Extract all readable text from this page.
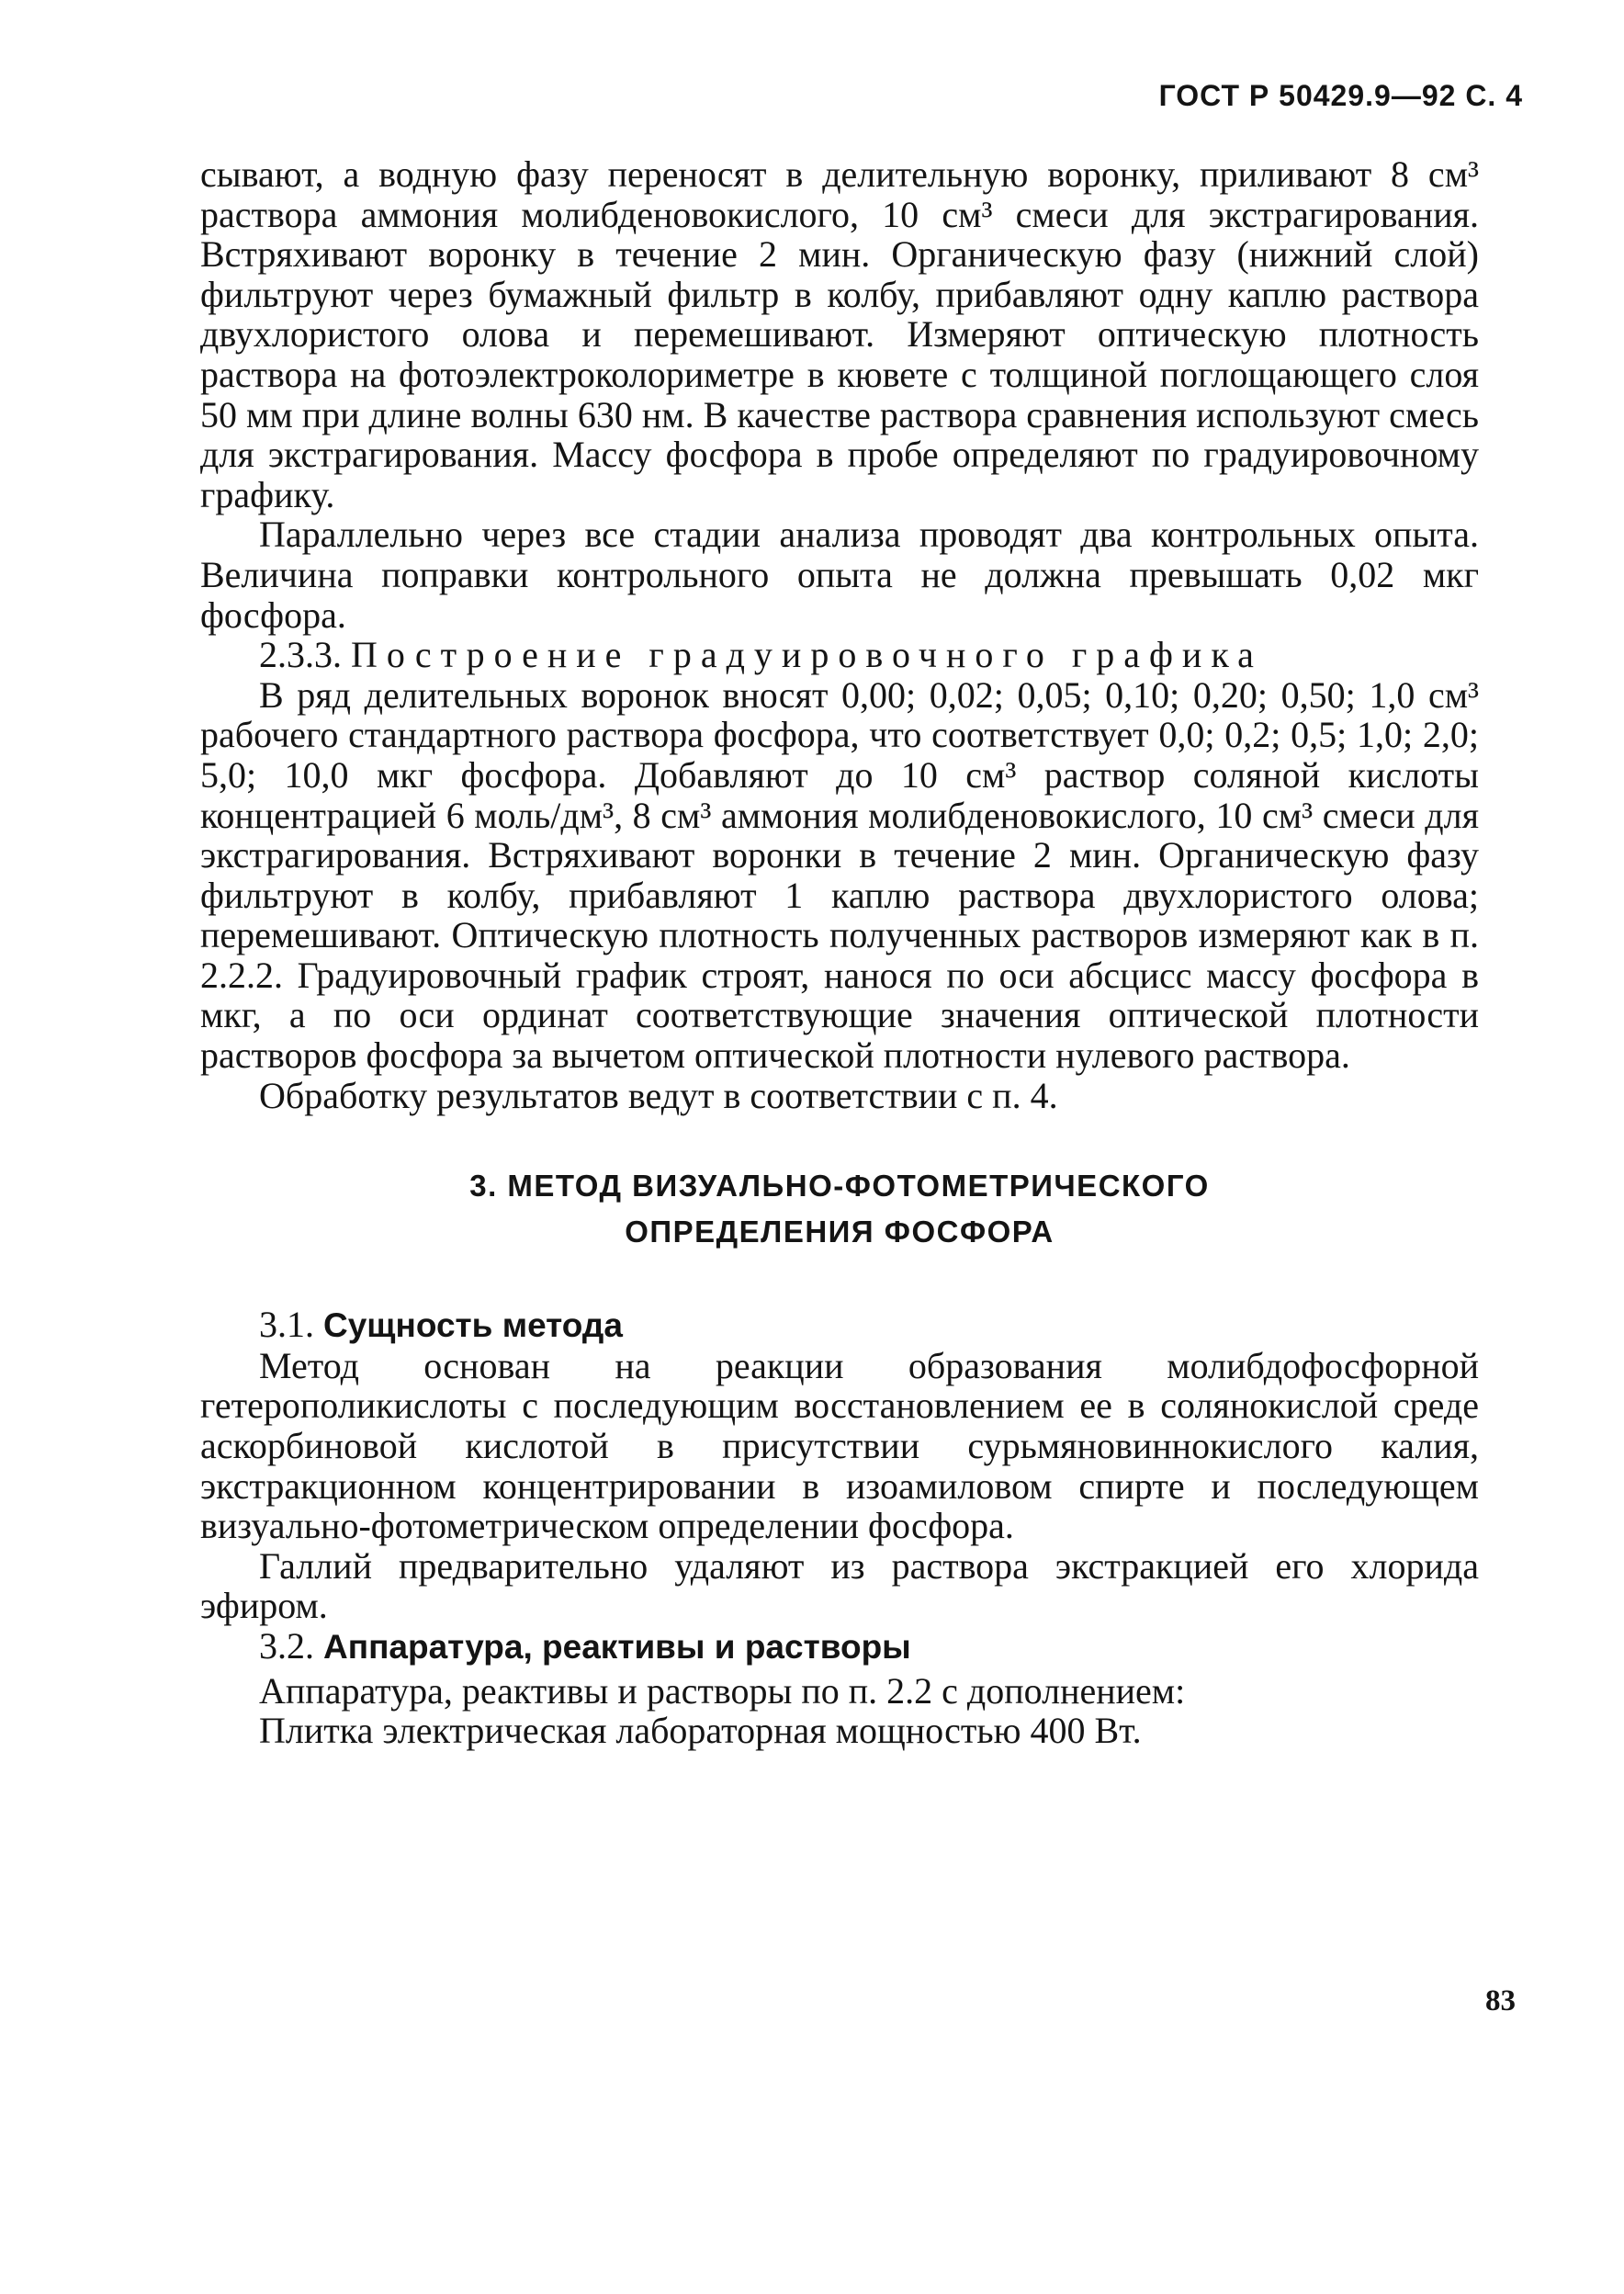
ГОСТ Р 50429.9—92 С. 4

сывают, а водную фазу переносят в делительную воронку, приливают 8 см³ раствора аммония молибденовокислого, 10 см³ смеси для экстрагирования. Встряхивают воронку в течение 2 мин. Органическую фазу (нижний слой) фильтруют через бумажный фильтр в колбу, прибавляют одну каплю раствора двухлористого олова и перемешивают. Измеряют оптическую плотность раствора на фотоэлектроколориметре в кювете с толщиной поглощающего слоя 50 мм при длине волны 630 нм. В качестве раствора сравнения используют смесь для экстрагирования. Массу фосфора в пробе определяют по градуировочному графику.

Параллельно через все стадии анализа проводят два контрольных опыта. Величина поправки контрольного опыта не должна превышать 0,02 мкг фосфора.

2.3.3. Построение градуировочного графика

В ряд делительных воронок вносят 0,00; 0,02; 0,05; 0,10; 0,20; 0,50; 1,0 см³ рабочего стандартного раствора фосфора, что соответствует 0,0; 0,2; 0,5; 1,0; 2,0; 5,0; 10,0 мкг фосфора. Добавляют до 10 см³ раствор соляной кислоты концентрацией 6 моль/дм³, 8 см³ аммония молибденовокислого, 10 см³ смеси для экстрагирования. Встряхивают воронки в течение 2 мин. Органическую фазу фильтруют в колбу, прибавляют 1 каплю раствора двухлористого олова; перемешивают. Оптическую плотность полученных растворов измеряют как в п. 2.2.2. Градуировочный график строят, нанося по оси абсцисс массу фосфора в мкг, а по оси ординат соответствующие значения оптической плотности растворов фосфора за вычетом оптической плотности нулевого раствора.

Обработку результатов ведут в соответствии с п. 4.

3. МЕТОД ВИЗУАЛЬНО-ФОТОМЕТРИЧЕСКОГО
ОПРЕДЕЛЕНИЯ ФОСФОРА

3.1. Сущность метода

Метод основан на реакции образования молибдофосфорной гетерополикислоты с последующим восстановлением ее в солянокислой среде аскорбиновой кислотой в присутствии сурьмяновиннокислого калия, экстракционном концентрировании в изоамиловом спирте и последующем визуально-фотометрическом определении фосфора.

Галлий предварительно удаляют из раствора экстракцией его хлорида эфиром.

3.2. Аппаратура, реактивы и растворы

Аппаратура, реактивы и растворы по п. 2.2 с дополнением:

Плитка электрическая лабораторная мощностью 400 Вт.

83
